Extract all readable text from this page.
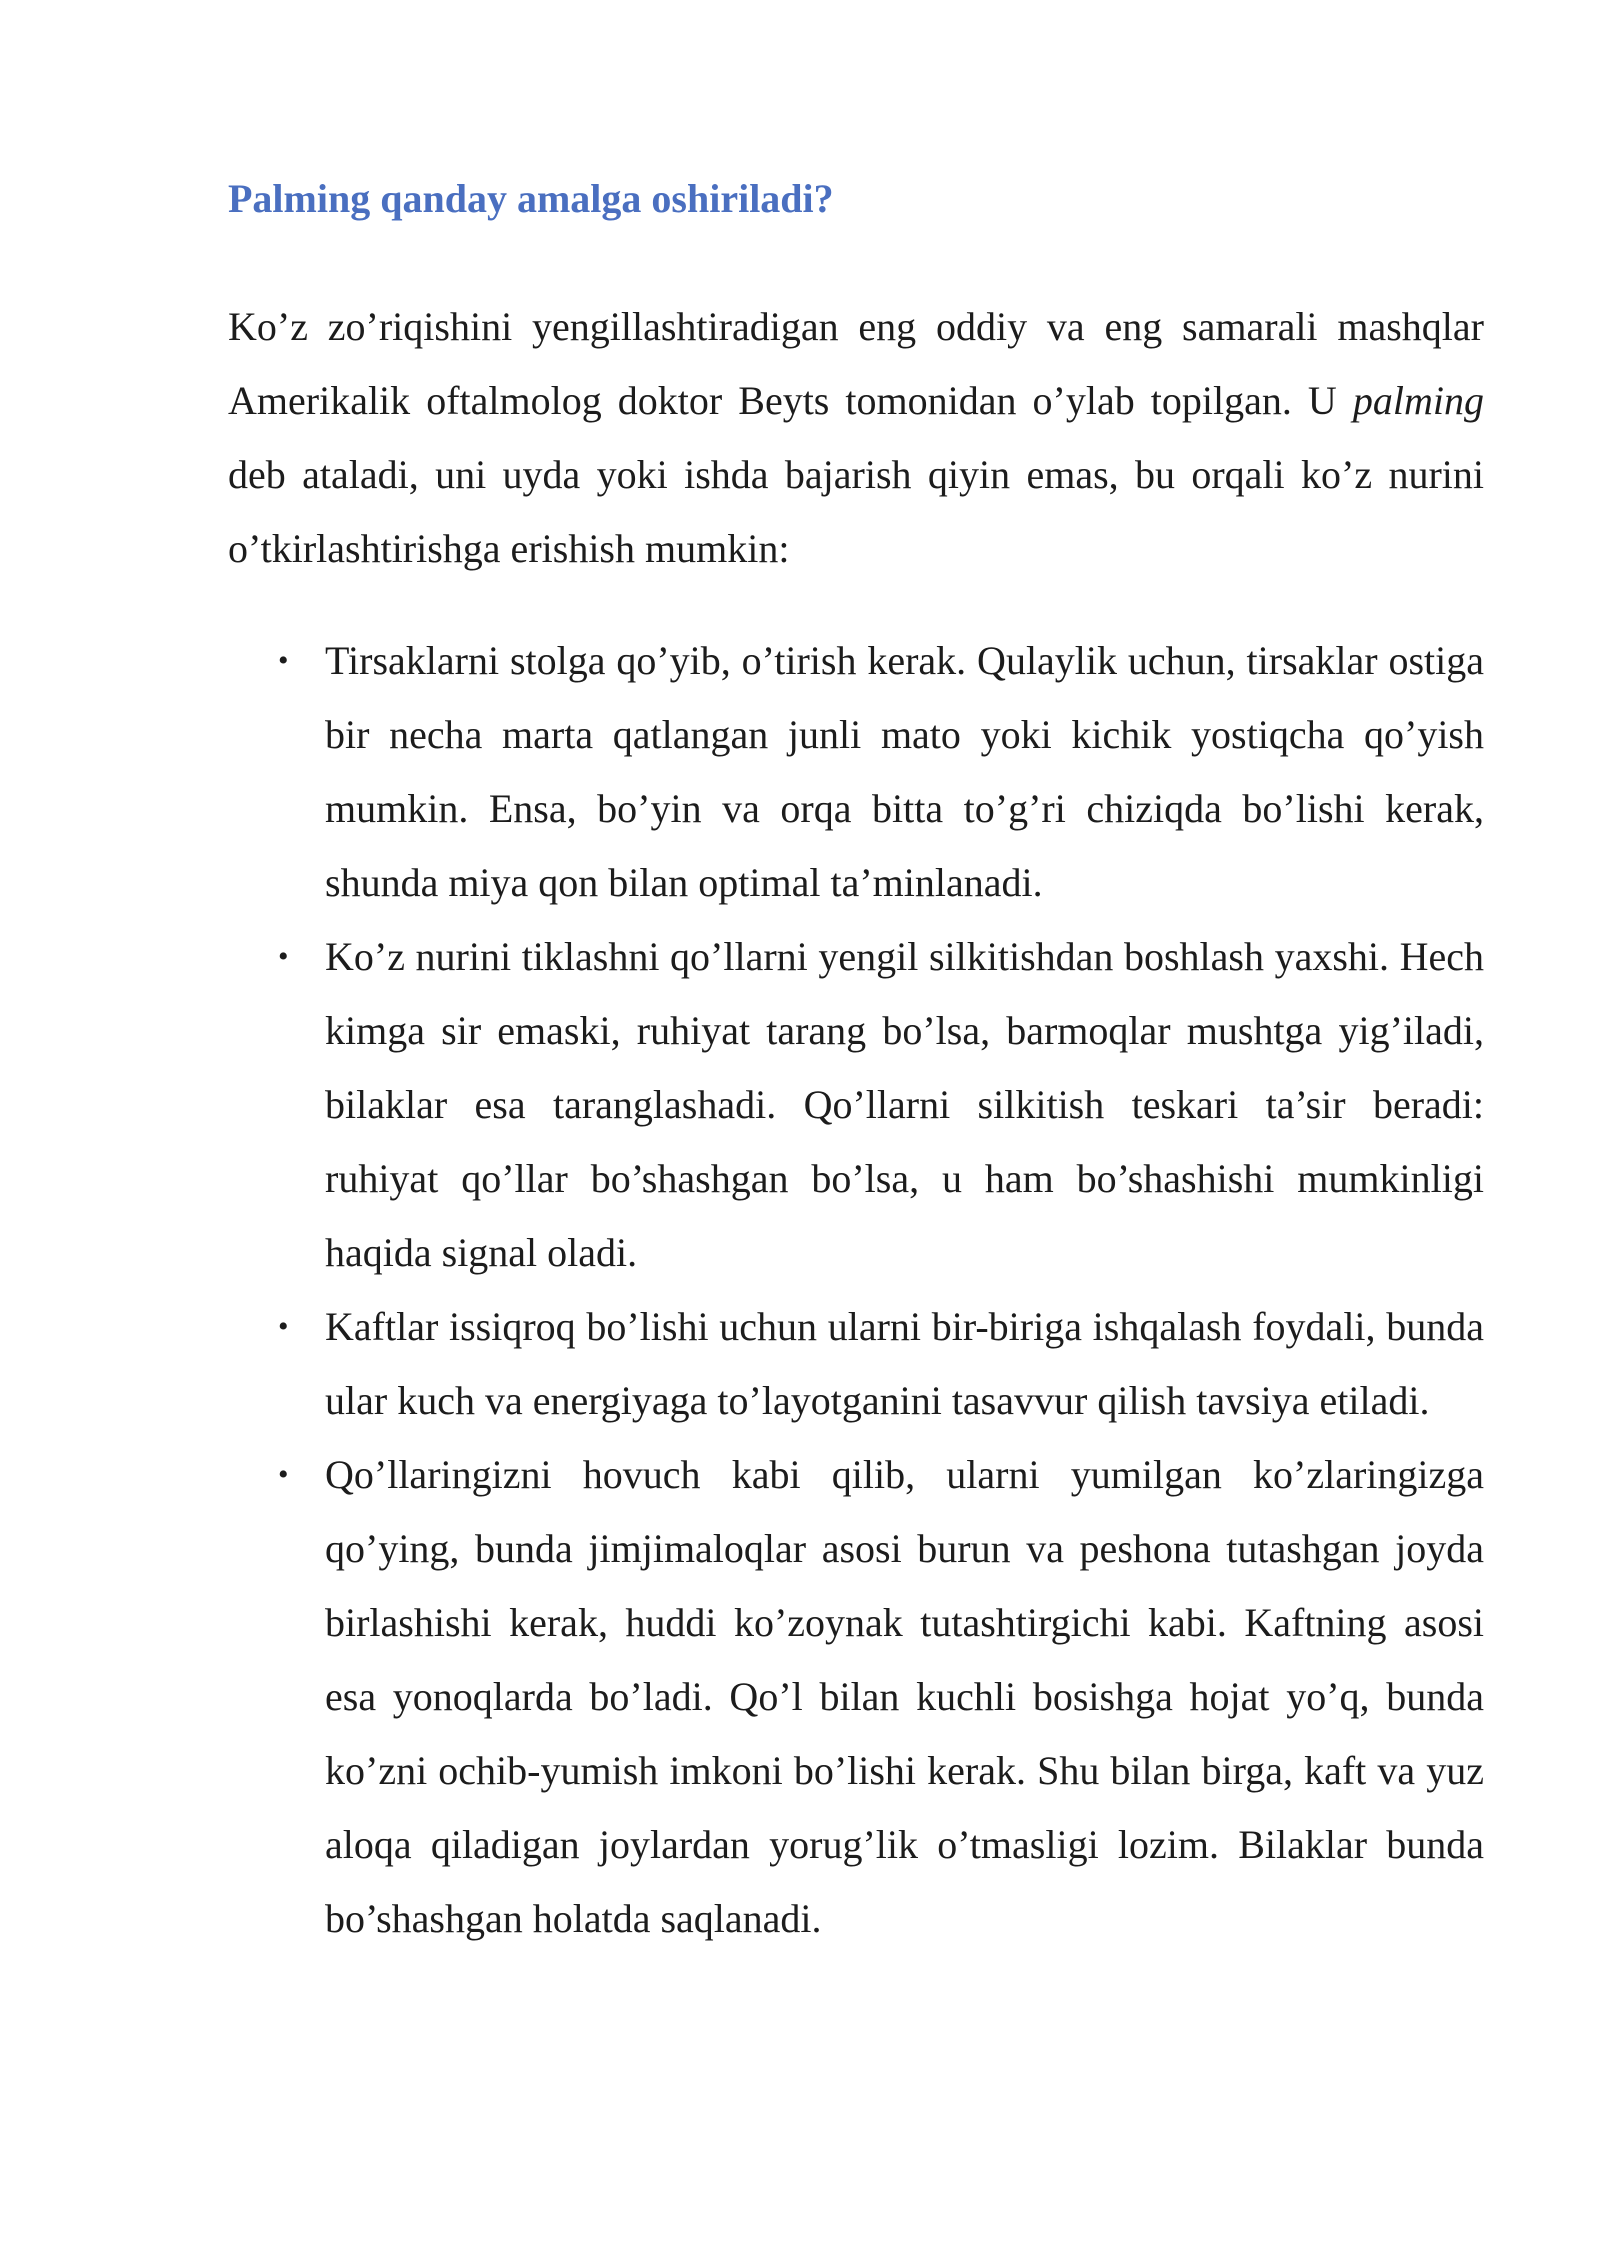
Palming qanday amalga oshiriladi?

Ko’z zo’riqishini yengillashtiradigan eng oddiy va eng samarali mashqlar Amerikalik oftalmolog doktor Beyts tomonidan o’ylab topilgan. U palming deb ataladi, uni uyda yoki ishda bajarish qiyin emas, bu orqali ko’z nurini o’tkirlashtirishga erishish mumkin:

• Tirsaklarni stolga qo’yib, o’tirish kerak. Qulaylik uchun, tirsaklar ostiga bir necha marta qatlangan junli mato yoki kichik yostiqcha qo’yish mumkin. Ensa, bo’yin va orqa bitta to’g’ri chiziqda bo’lishi kerak, shunda miya qon bilan optimal ta’minlanadi.
• Ko’z nurini tiklashni qo’llarni yengil silkitishdan boshlash yaxshi. Hech kimga sir emaski, ruhiyat tarang bo’lsa, barmoqlar mushtga yig’iladi, bilaklar esa taranglashadi. Qo’llarni silkitish teskari ta’sir beradi: ruhiyat qo’llar bo’shashgan bo’lsa, u ham bo’shashishi mumkinligi haqida signal oladi.
• Kaftlar issiqroq bo’lishi uchun ularni bir-biriga ishqalash foydali, bunda ular kuch va energiyaga to’layotganini tasavvur qilish tavsiya etiladi.
• Qo’llaringizni hovuch kabi qilib, ularni yumilgan ko’zlaringizga qo’ying, bunda jimjimaloqlar asosi burun va peshona tutashgan joyda birlashishi kerak, huddi ko’zoynak tutashtirgichi kabi. Kaftning asosi esa yonoqlarda bo’ladi. Qo’l bilan kuchli bosishga hojat yo’q, bunda ko’zni ochib-yumish imkoni bo’lishi kerak. Shu bilan birga, kaft va yuz aloqa qiladigan joylardan yorug’lik o’tmasligi lozim. Bilaklar bunda bo’shashgan holatda saqlanadi.
